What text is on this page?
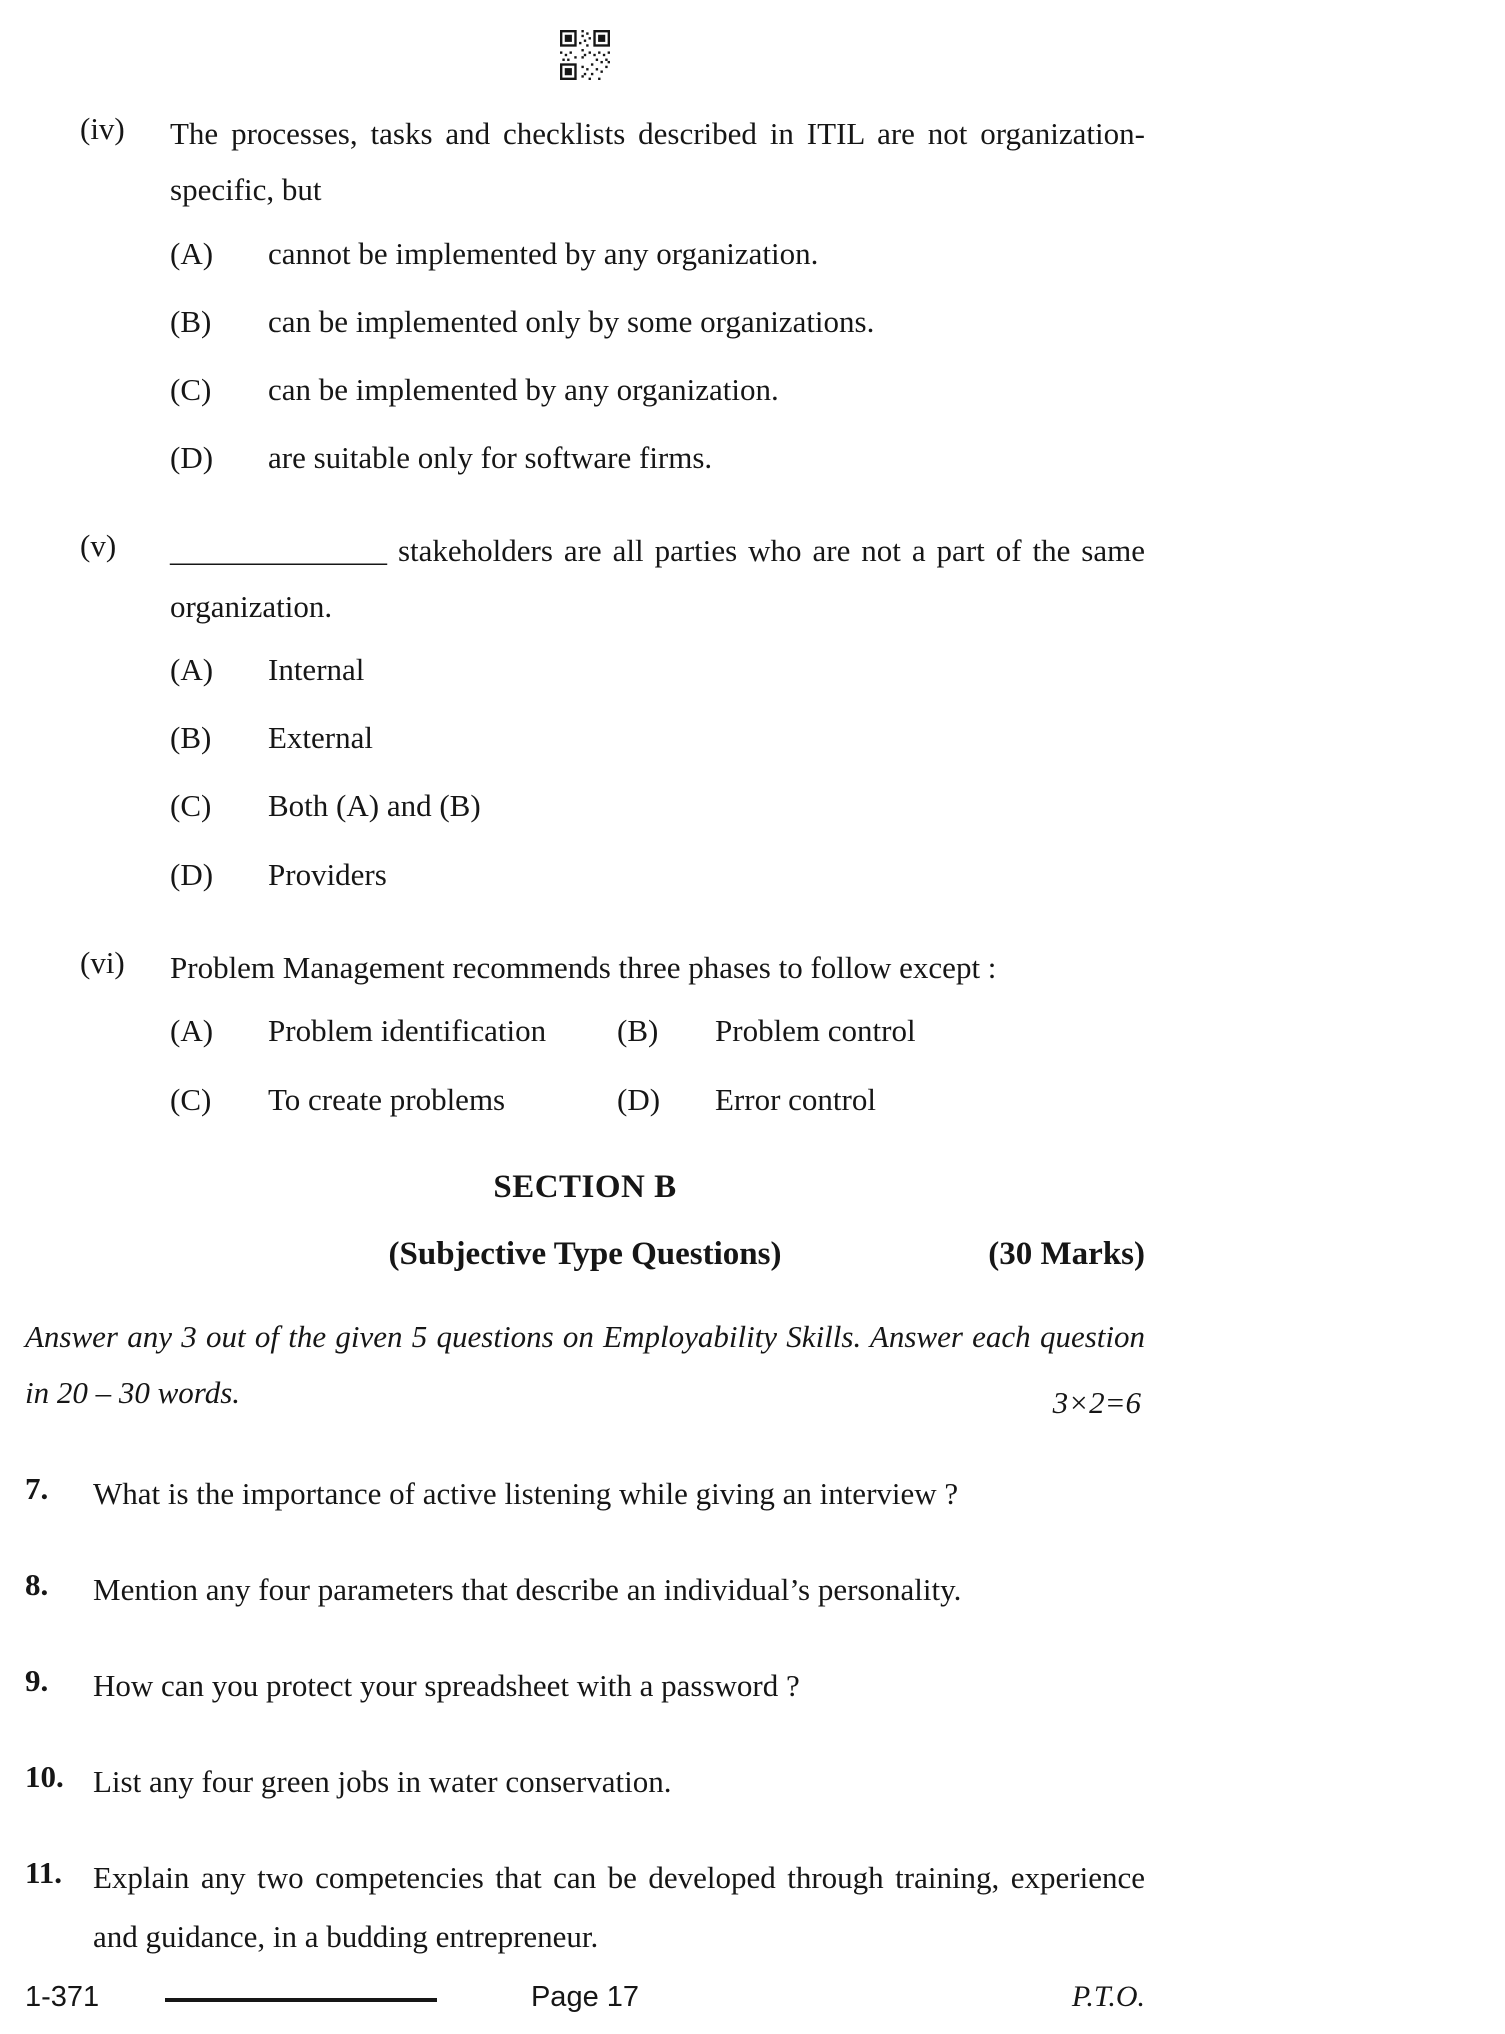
(iv)	The processes, tasks and checklists described in ITIL are not organization-specific, but

(A)	cannot be implemented by any organization.
(B)	can be implemented only by some organizations.
(C)	can be implemented by any organization.
(D)	are suitable only for software firms.
(v)	______________ stakeholders are all parties who are not a part of the same organization.

(A)	Internal
(B)	External
(C)	Both (A) and (B)
(D)	Providers
(vi)	Problem Management recommends three phases to follow except :

(A)	Problem identification	(B)	Problem control
(C)	To create problems	(D)	Error control
SECTION B
(Subjective Type Questions)	(30 Marks)

Answer any 3 out of the given 5 questions on Employability Skills. Answer each question in 20 – 30 words.	3×2=6
7.	What is the importance of active listening while giving an interview ?
8.	Mention any four parameters that describe an individual’s personality.
9.	How can you protect your spreadsheet with a password ?
10. List any four green jobs in water conservation.
11. Explain any two competencies that can be developed through training, experience and guidance, in a budding entrepreneur.
1-371	Page 17	P.T.O.
